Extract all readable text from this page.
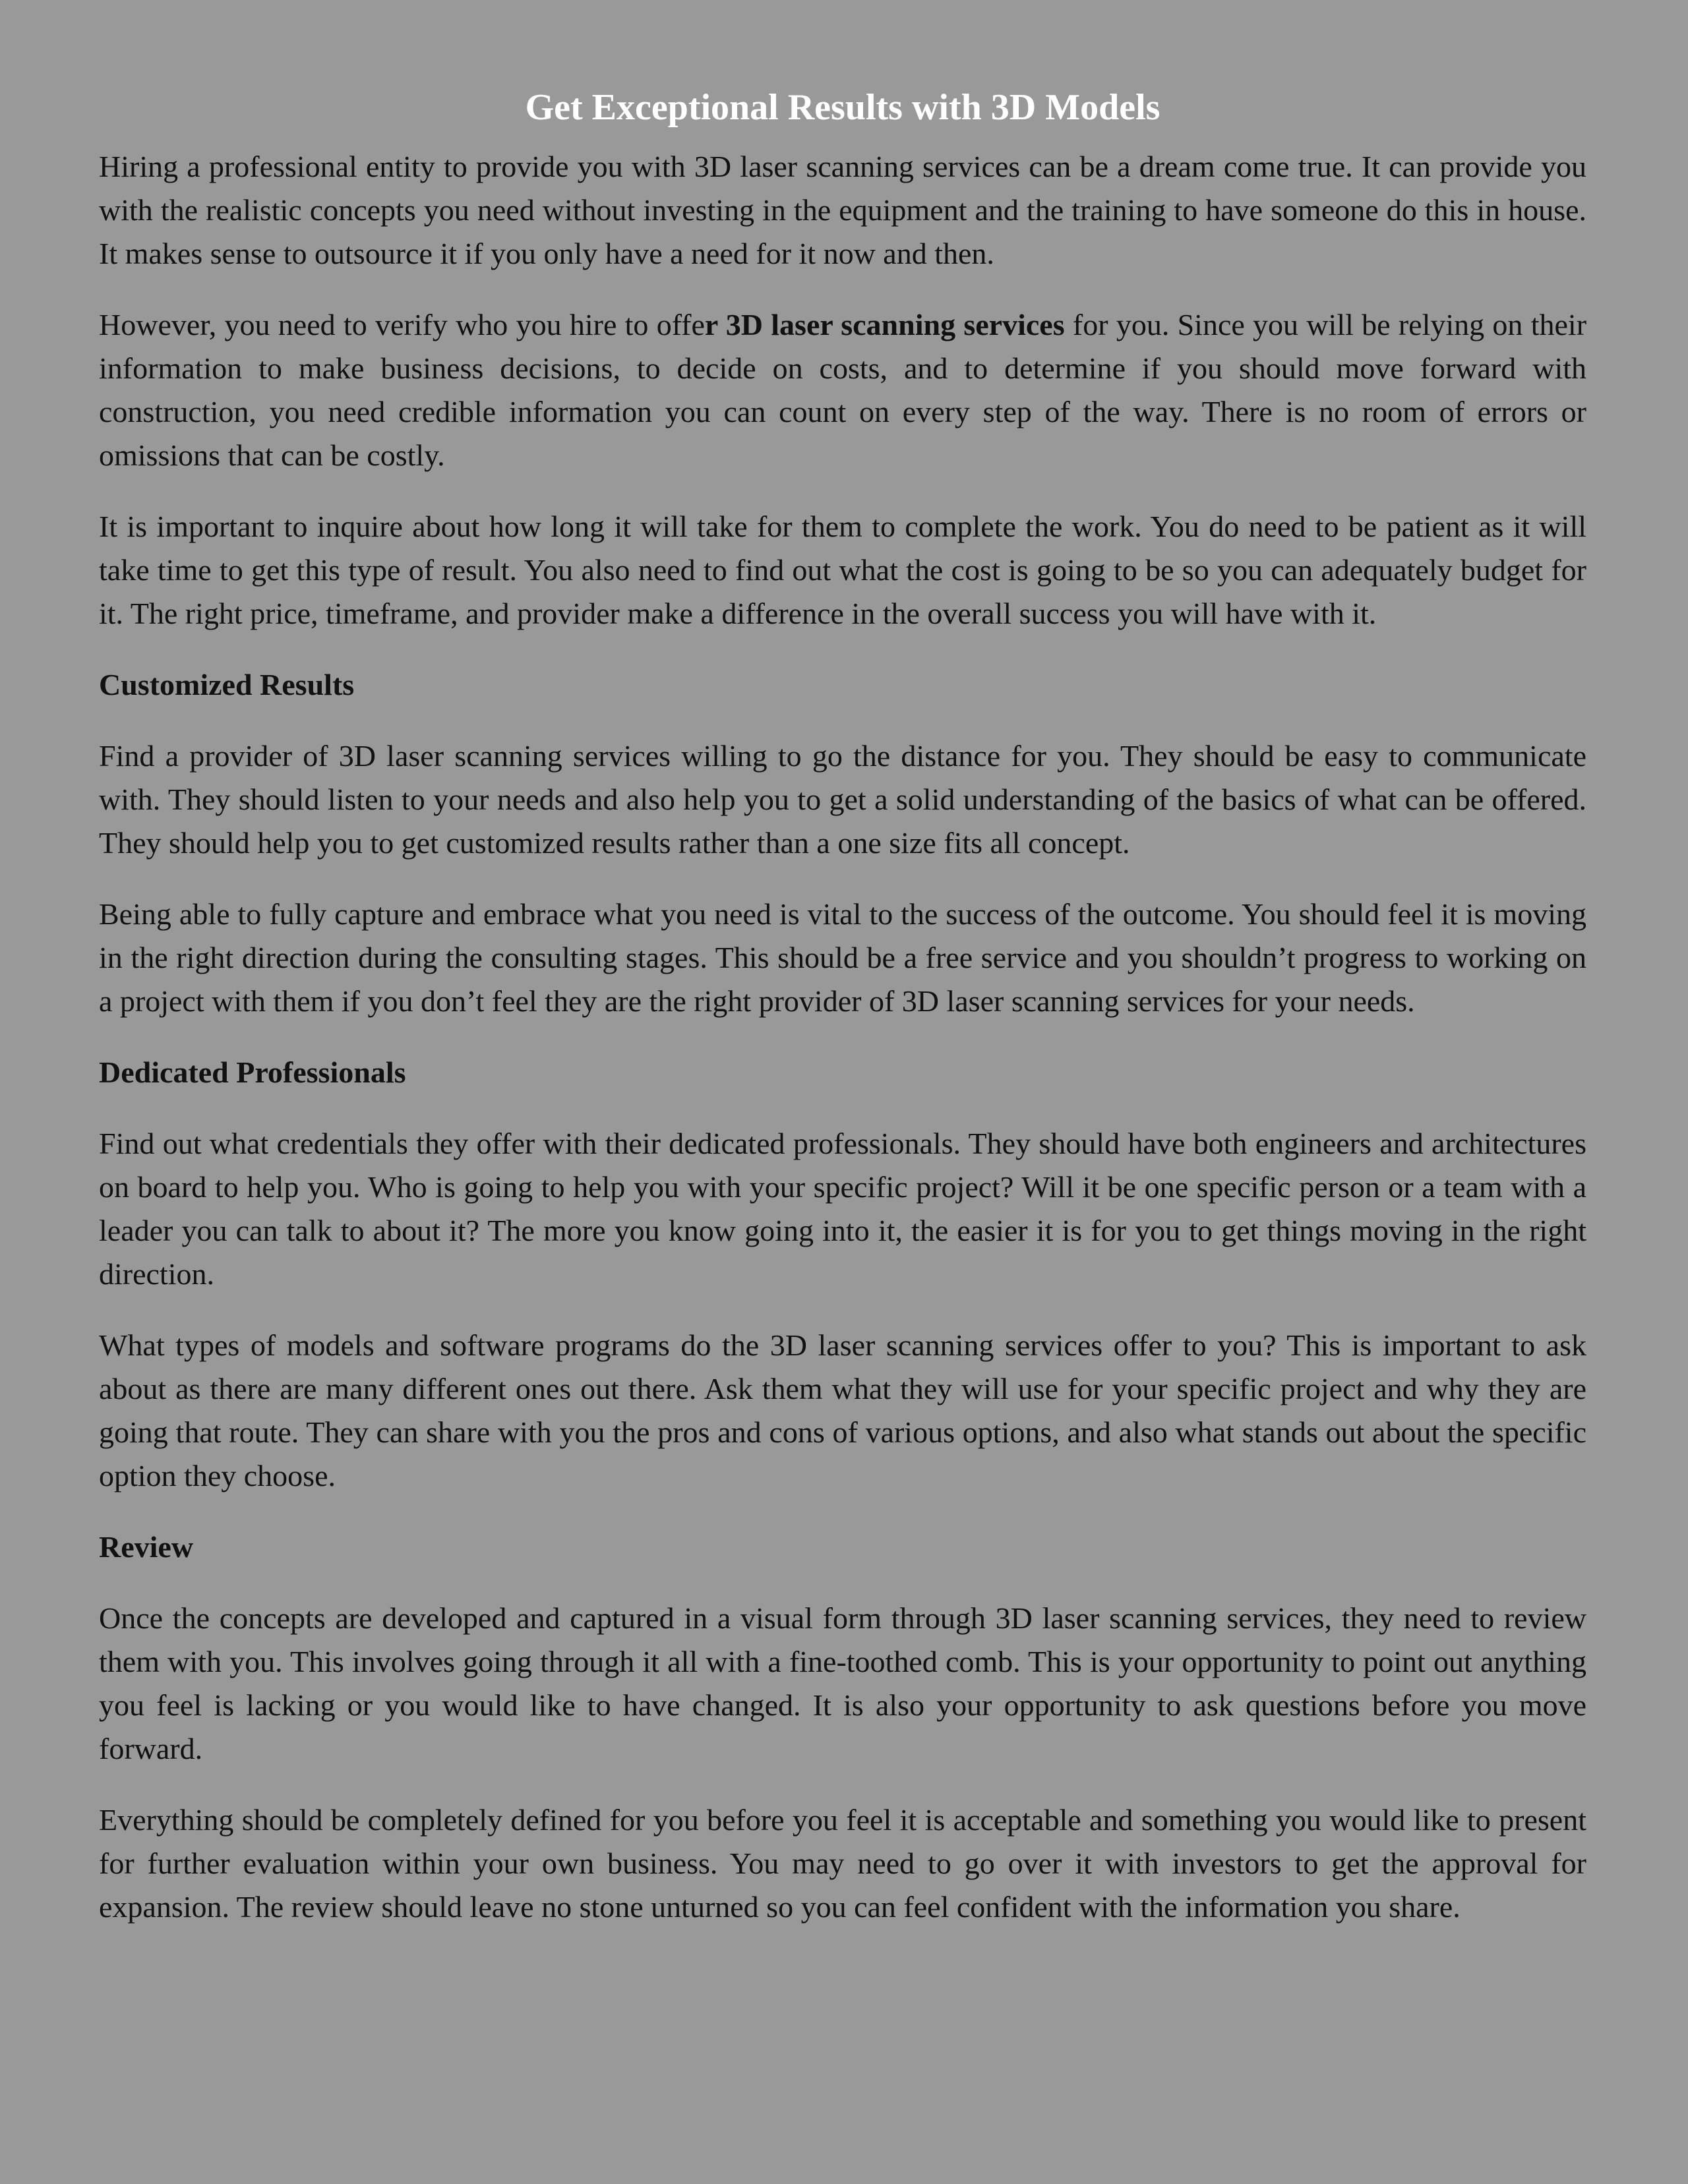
Get Exceptional Results with 3D Models

Hiring a professional entity to provide you with 3D laser scanning services can be a dream come true. It can provide you with the realistic concepts you need without investing in the equipment and the training to have someone do this in house. It makes sense to outsource it if you only have a need for it now and then.

However, you need to verify who you hire to offer 3D laser scanning services for you. Since you will be relying on their information to make business decisions, to decide on costs, and to determine if you should move forward with construction, you need credible information you can count on every step of the way. There is no room of errors or omissions that can be costly.

It is important to inquire about how long it will take for them to complete the work. You do need to be patient as it will take time to get this type of result. You also need to find out what the cost is going to be so you can adequately budget for it. The right price, timeframe, and provider make a difference in the overall success you will have with it.

Customized Results

Find a provider of 3D laser scanning services willing to go the distance for you. They should be easy to communicate with. They should listen to your needs and also help you to get a solid understanding of the basics of what can be offered. They should help you to get customized results rather than a one size fits all concept.

Being able to fully capture and embrace what you need is vital to the success of the outcome. You should feel it is moving in the right direction during the consulting stages. This should be a free service and you shouldn’t progress to working on a project with them if you don’t feel they are the right provider of 3D laser scanning services for your needs.

Dedicated Professionals

Find out what credentials they offer with their dedicated professionals. They should have both engineers and architectures on board to help you. Who is going to help you with your specific project? Will it be one specific person or a team with a leader you can talk to about it? The more you know going into it, the easier it is for you to get things moving in the right direction.

What types of models and software programs do the 3D laser scanning services offer to you? This is important to ask about as there are many different ones out there. Ask them what they will use for your specific project and why they are going that route. They can share with you the pros and cons of various options, and also what stands out about the specific option they choose.

Review

Once the concepts are developed and captured in a visual form through 3D laser scanning services, they need to review them with you. This involves going through it all with a fine-toothed comb. This is your opportunity to point out anything you feel is lacking or you would like to have changed. It is also your opportunity to ask questions before you move forward.

Everything should be completely defined for you before you feel it is acceptable and something you would like to present for further evaluation within your own business. You may need to go over it with investors to get the approval for expansion. The review should leave no stone unturned so you can feel confident with the information you share.
